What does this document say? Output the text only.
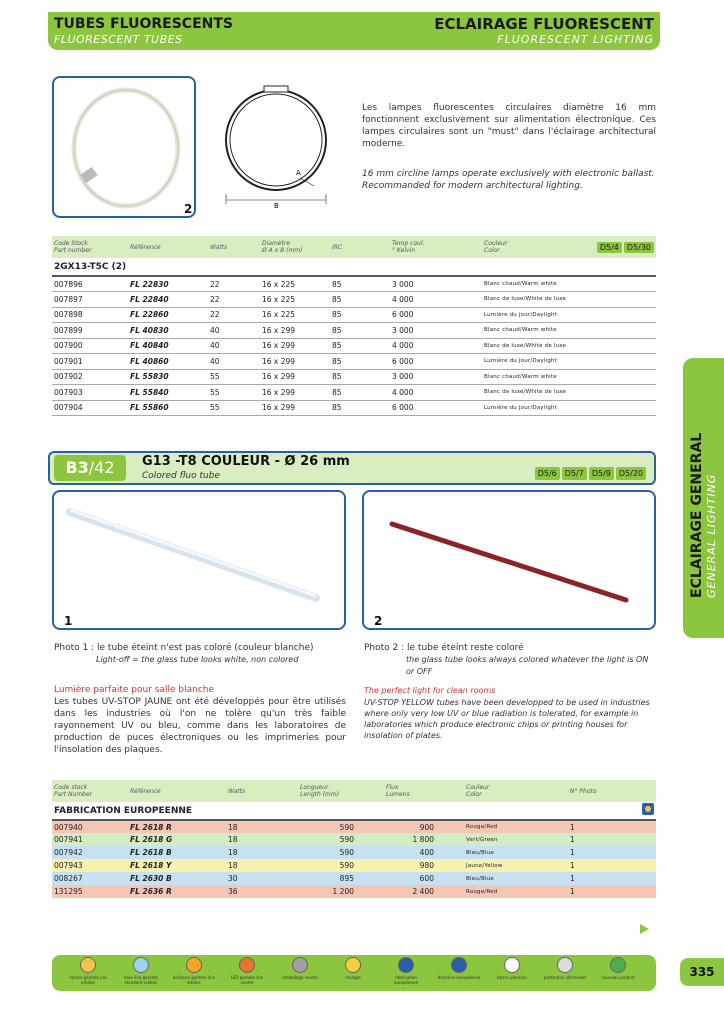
TUBES FLUORESCENTS
FLUORESCENT TUBES
ECLAIRAGE FLUORESCENT
FLUORESCENT LIGHTING
ECLAIRAGE GENERAL GENERAL LIGHTING
2
A
B
Les lampes fluorescentes circulaires diamètre 16 mm fonctionnent exclusivement sur alimentation électronique. Ces lampes circulaires sont un "must" dans l'éclairage architectural moderne.
16 mm circline lamps operate exclusively with electronic ballast. Recommanded for modern architectural lighting.
Code Stock
Part number	Référence	Watts	Diamètre
Ø A x B (mm)	IRC	Temp coul.
° Kelvin	Couleur
Color	D5/4 D5/30
2GX13-T5C (2)							
007896	FL 22830	22	16 x 225	85	3 000	Blanc chaud/Warm white	
007897	FL 22840	22	16 x 225	85	4 000	Blanc de luxe/White de luxe	
007898	FL 22860	22	16 x 225	85	6 000	Lumière du jour/Daylight	
007899	FL 40830	40	16 x 299	85	3 000	Blanc chaud/Warm white	
007900	FL 40840	40	16 x 299	85	4 000	Blanc de luxe/White de luxe	
007901	FL 40860	40	16 x 299	85	6 000	Lumière du jour/Daylight	
007902	FL 55830	55	16 x 299	85	3 000	Blanc chaud/Warm white	
007903	FL 55840	55	16 x 299	85	4 000	Blanc de luxe/White de luxe	
007904	FL 55860	55	16 x 299	85	6 000	Lumière du jour/Daylight	
B3/42	G13 -T8 COULEUR - Ø 26 mm
Colored fluo tube	D5/6 D5/7 D5/9 D5/20
1	2
Photo 1 : le tube éteint n'est pas coloré (couleur blanche)
Light-off = the glass tube looks white, non colored
Photo 2 : le tube éteint reste coloré
the glass tube looks always colored whatever the light is ON or OFF
Lumière parfaite pour salle blanche
Les tubes UV-STOP JAUNE ont été développés pour être utilisés dans les industries où l'on ne tolère qu'un très faible rayonnement UV ou bleu, comme dans les laboratoires de production de puces électroniques ou les imprimeries pour l'insolation des plaques.
The perfect light for clean rooms
UV-STOP YELLOW tubes have been developped to be used in industries where only very low UV or blue radiation is tolerated, for example in laboratories which produce electronic chips or printing houses for insolation of plates.
Code stock
Part Number	Référence	Watts	Longueur
Length (mm)	Flux
Lumens	Couleur
Color	N° Photo
FABRICATION EUROPEENNE						

007940	FL 2618 R	18	590	900	Rouge/Red	1
007941	FL 2618 G	18	590	1 800	Vert/Green	1
007942	FL 2618 B	18	590	400	Bleu/Blue	1
007943	FL 2618 Y	18	590	980	Jaune/Yellow	1
008267	FL 2630 B	30	895	600	Bleu/Blue	1
131295	FL 2636 R	36	1 200	2 400	Rouge/Red	1
non/or gamme pro orbitec
blue line gamme standard orbitec
brillance gamme éco orbitec
LED gamme éco neutre
emballage neutre	marque	fabrication européenne
directive européenne	basse pression	protection ultraviolet	nouveau produit	335
